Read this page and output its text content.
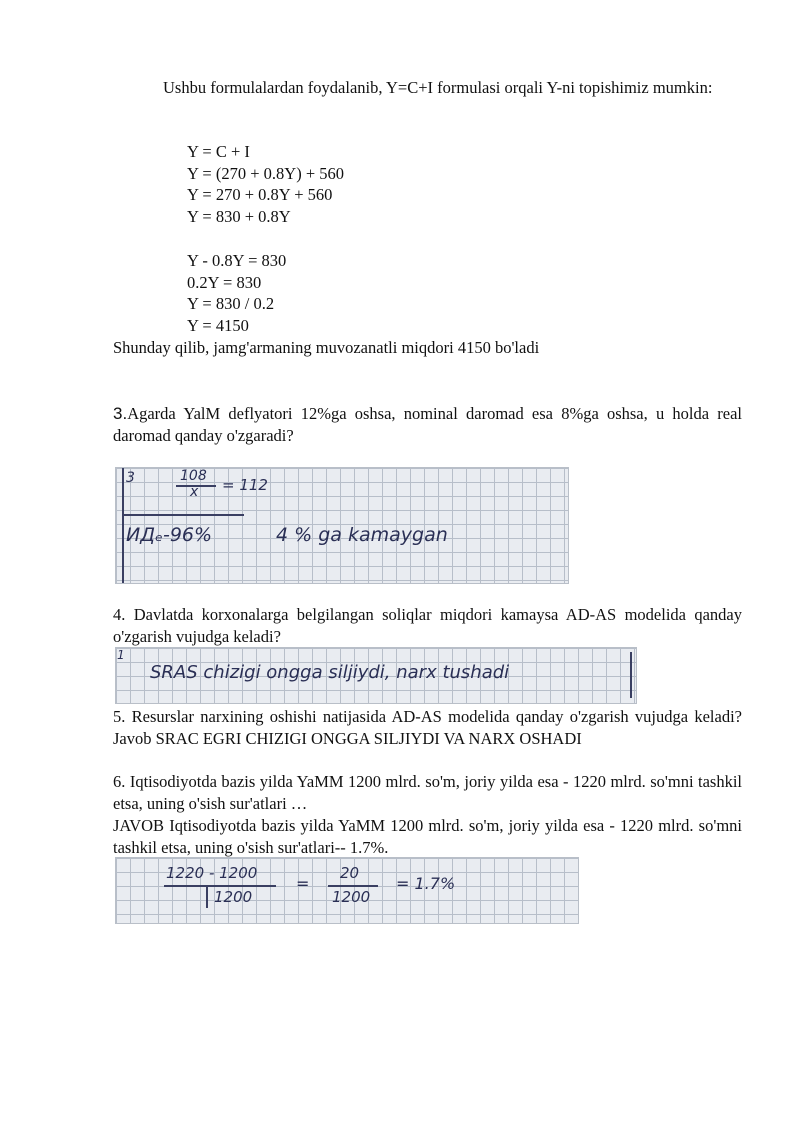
Ushbu formulalardan foydalanib, Y=C+I formulasi orqali Y-ni topishimiz mumkin:
Y = C + I
Y = (270 + 0.8Y) + 560
Y = 270 + 0.8Y + 560
Y = 830 + 0.8Y
Y - 0.8Y = 830
0.2Y = 830
Y = 830 / 0.2
Y = 4150
Shunday qilib, jamg'armaning muvozanatli miqdori 4150 bo'ladi
3.Agarda YalM deflyatori 12%ga oshsa, nominal daromad esa 8%ga oshsa, u holda real daromad qanday o'zgaradi?
3	108
x = 112
ИДₑ-96%	4 % ga kamaygan
4. Davlatda korxonalarga belgilangan soliqlar miqdori kamaysa AD-AS modelida qanday o'zgarish vujudga keladi?
1
SRAS chizigi ongga siljiydi, narx tushadi
5. Resurslar narxining oshishi natijasida AD-AS modelida qanday o'zgarish vujudga keladi? Javob SRAC EGRI CHIZIGI ONGGA SILJIYDI VA NARX OSHADI
6. Iqtisodiyotda bazis yilda YaMM 1200 mlrd. so'm, joriy yilda esa - 1220 mlrd. so'mni tashkil etsa, uning o'sish sur'atlari …
JAVOB Iqtisodiyotda bazis yilda YaMM 1200 mlrd. so'm, joriy yilda esa - 1220 mlrd. so'mni tashkil etsa, uning o'sish sur'atlari-- 1.7%.
1220 - 1200
1200
=
20
1200
= 1.7%
